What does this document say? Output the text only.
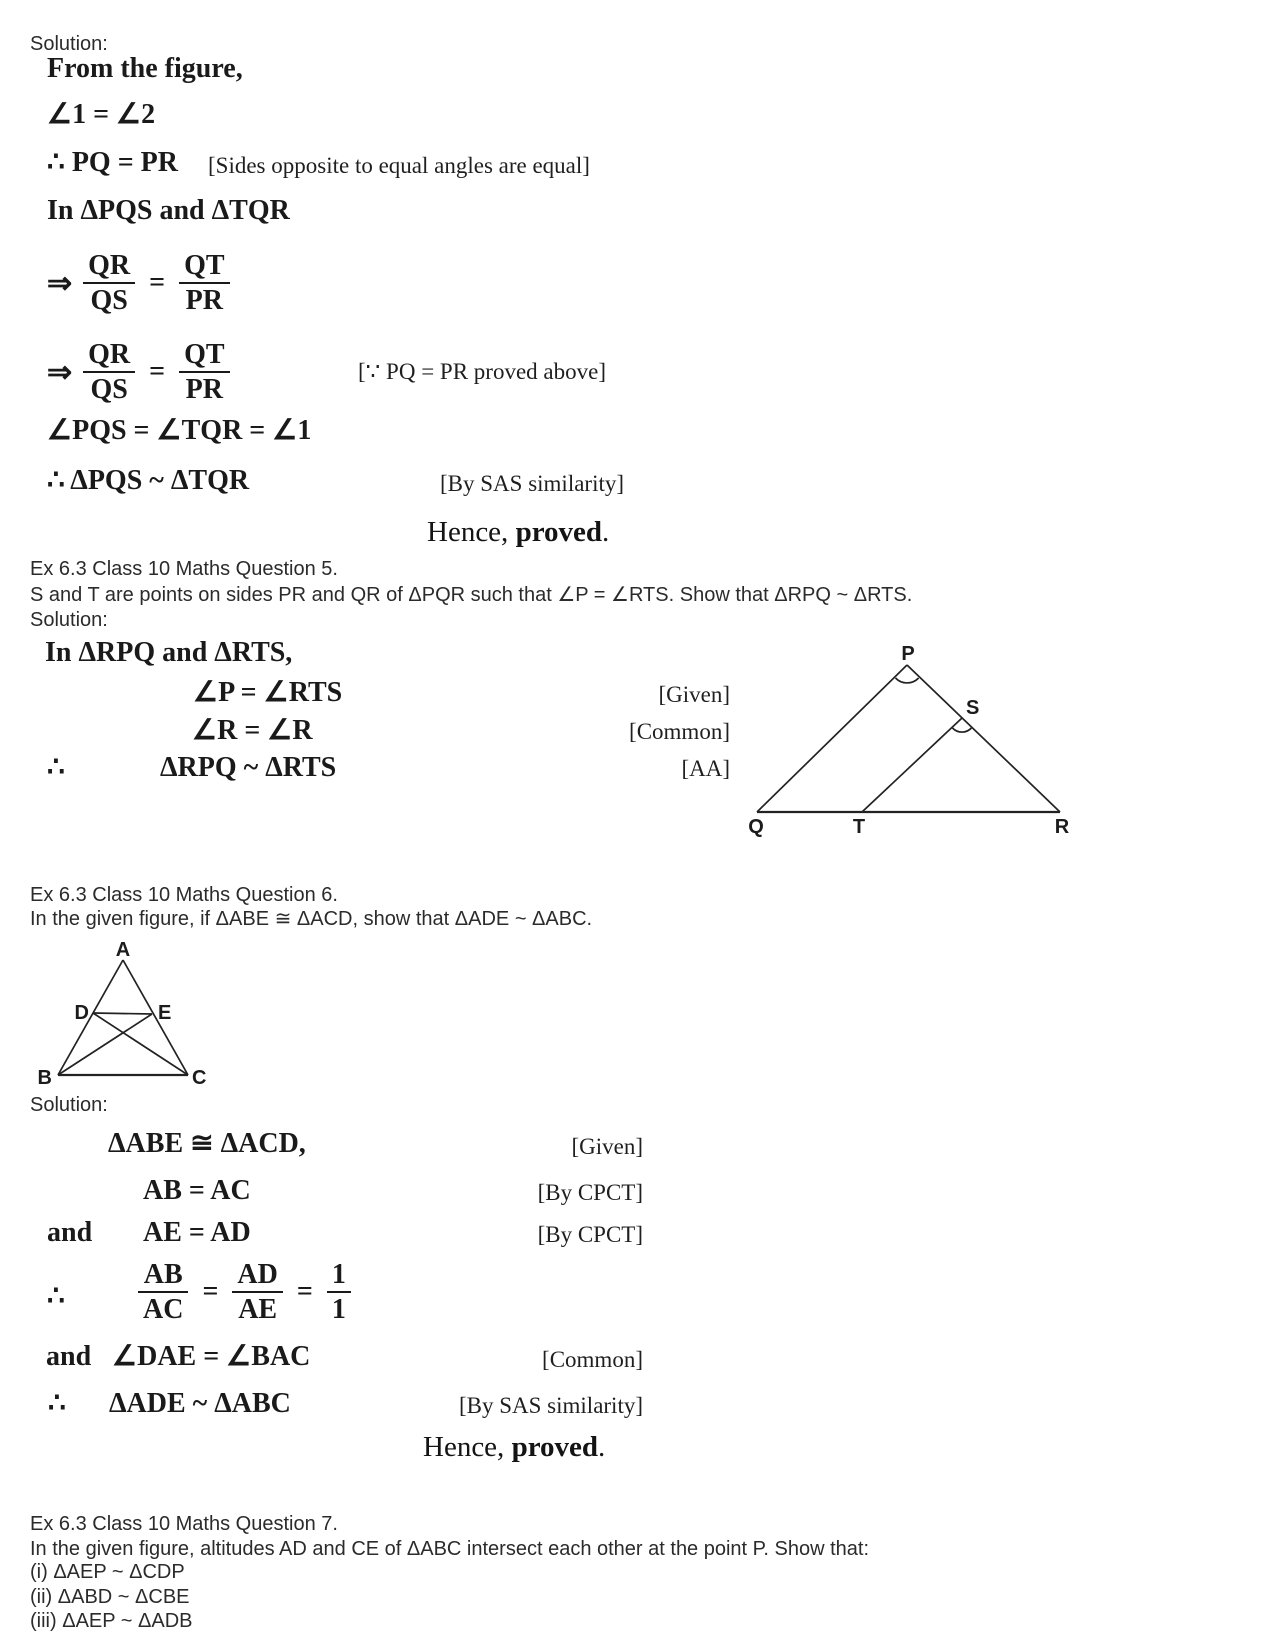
Solution:
From the figure,
∠1 = ∠2
∴ PQ = PR [Sides opposite to equal angles are equal]
In ΔPQS and ΔTQR
⇒ $\frac{QR}{QS} = \frac{QT}{PR}$
⇒ $\frac{QR}{QS} = \frac{QT}{PR}$	[∵ PQ = PR proved above]
∠PQS = ∠TQR = ∠1
∴ ΔPQS ~ ΔTQR	[By SAS similarity]
Hence, proved.
Ex 6.3 Class 10 Maths Question 5.
S and T are points on sides PR and QR of ΔPQR such that ∠P = ∠RTS. Show that ΔRPQ ~ ΔRTS.
Solution:
In ΔRPQ and ΔRTS,
∠P = ∠RTS	[Given]
∠R = ∠R	[Common]
∴	ΔRPQ ~ ΔRTS	[AA]
P
S
Q	T	R
Ex 6.3 Class 10 Maths Question 6.
In the given figure, if ΔABE ≅ ΔACD, show that ΔADE ~ ΔABC.
A
D	E
B	C
Solution:
ΔABE ≅ ΔACD,	[Given]
AB = AC	[By CPCT]
and AE = AD	[By CPCT]
∴	$\frac{AB}{AC} = \frac{AD}{AE} = \frac{1}{1}$
and ∠DAE = ∠BAC	[Common]
∴ ΔADE ~ ΔABC	[By SAS similarity]
Hence, proved.
Ex 6.3 Class 10 Maths Question 7.
In the given figure, altitudes AD and CE of ΔABC intersect each other at the point P. Show that:
(i) ΔAEP ~ ΔCDP
(ii) ΔABD ~ ΔCBE
(iii) ΔAEP ~ ΔADB
